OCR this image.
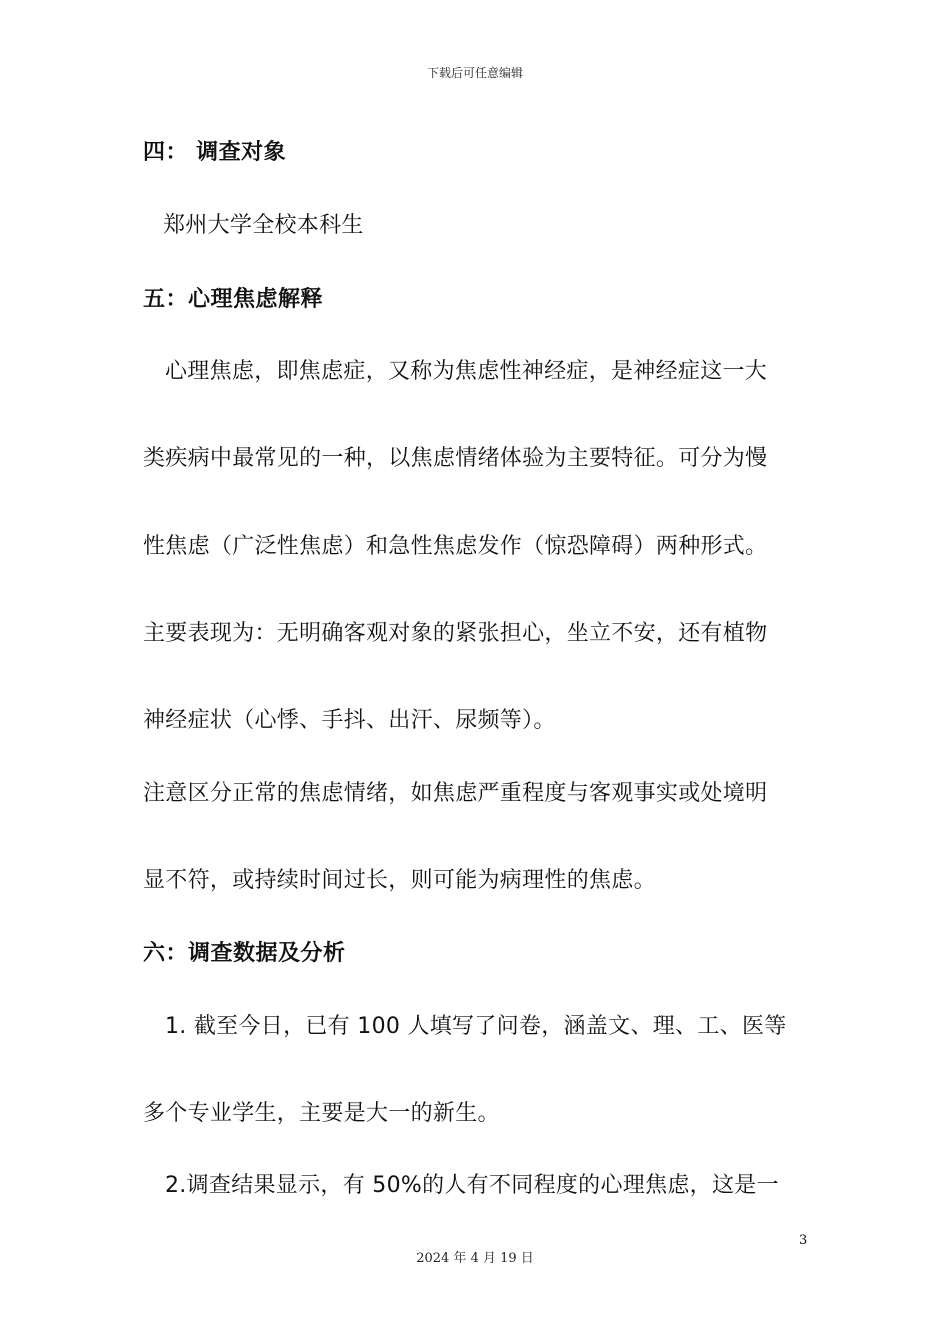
下载后可任意编辑
四： 调查对象
郑州大学全校本科生
五：心理焦虑解释
心理焦虑，即焦虑症，又称为焦虑性神经症，是神经症这一大
类疾病中最常见的一种，以焦虑情绪体验为主要特征。可分为慢
性焦虑（广泛性焦虑）和急性焦虑发作（惊恐障碍）两种形式。
主要表现为：无明确客观对象的紧张担心，坐立不安，还有植物
神经症状（心悸、手抖、出汗、尿频等）。
注意区分正常的焦虑情绪，如焦虑严重程度与客观事实或处境明
显不符，或持续时间过长，则可能为病理性的焦虑。
六：调查数据及分析
1. 截至今日，已有 100 人填写了问卷，涵盖文、理、工、医等
多个专业学生，主要是大一的新生。
2.调查结果显示，有 50%的人有不同程度的心理焦虑，这是一
3
2024 年 4 月 19 日
